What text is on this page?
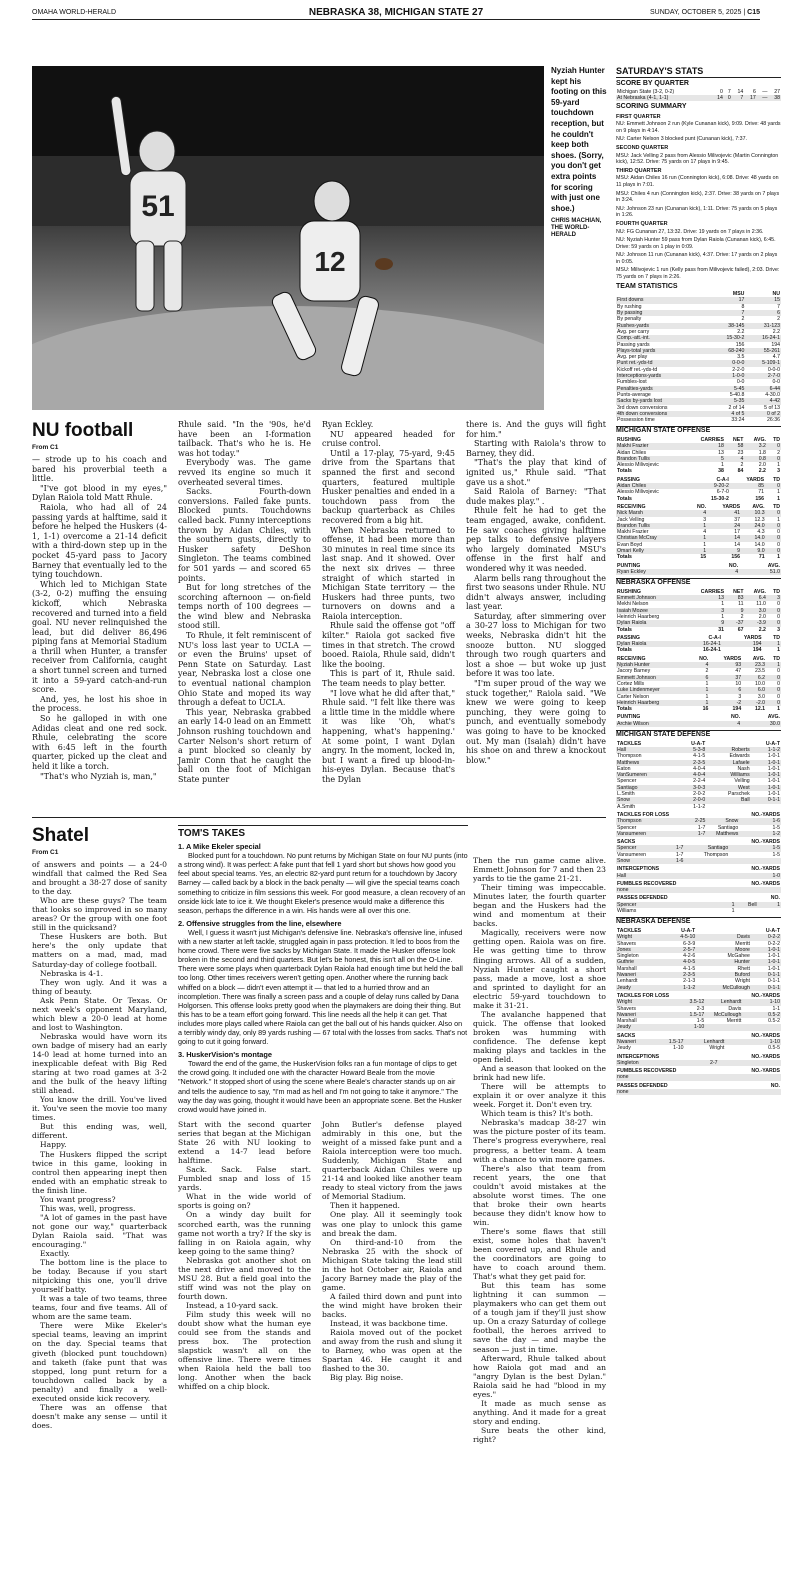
OMAHA WORLD-HERALD	NEBRASKA 38, MICHIGAN STATE 27	SUNDAY, OCTOBER 5, 2025 | C15
51
12
Nyziah Hunter kept his footing on this 59-yard touchdown reception, but he couldn't keep both shoes. (Sorry, you don't get extra points for scoring with just one shoe.)
CHRIS MACHIAN, THE WORLD-HERALD
NU football
From C1

— strode up to his coach and bared his proverbial teeth a little.

"I've got blood in my eyes," Dylan Raiola told Matt Rhule.

Raiola, who had all of 24 passing yards at halftime, said it before he helped the Huskers (4-1, 1-1) overcome a 21-14 deficit with a third-down step up in the pocket 45-yard pass to Jacory Barney that eventually led to the tying touchdown.

Which led to Michigan State (3-2, 0-2) muffing the ensuing kickoff, which Nebraska recovered and turned into a field goal. NU never relinquished the lead, but did deliver 86,496 piping fans at Memorial Stadium a thrill when Hunter, a transfer receiver from California, caught a short tunnel screen and turned it into a 59-yard catch-and-run score.

And, yes, he lost his shoe in the process.

So he galloped in with one Adidas cleat and one red sock. Rhule, celebrating the score with 6:45 left in the fourth quarter, picked up the cleat and held it like a torch.

"That's who Nyziah is, man,"

Rhule said. "In the '90s, he'd have been an I-formation tailback. That's who he is. He was hot today."

Everybody was. The game revved its engine so much it overheated several times.

Sacks. Fourth-down conversions. Failed fake punts. Blocked punts. Touchdowns called back. Funny interceptions thrown by Aidan Chiles, with the southern gusts, directly to Husker safety DeShon Singleton. The teams combined for 501 yards — and scored 65 points.

But for long stretches of the scorching afternoon — on-field temps north of 100 degrees — the wind blew and Nebraska stood still.

To Rhule, it felt reminiscent of NU's loss last year to UCLA — or even the Bruins' upset of Penn State on Saturday. Last year, Nebraska lost a close one to eventual national champion Ohio State and moped its way through a defeat to UCLA.

This year, Nebraska grabbed an early 14-0 lead on an Emmett Johnson rushing touchdown and Carter Nelson's short return of a punt blocked so cleanly by Jamir Conn that he caught the ball on the foot of Michigan State punter

Ryan Eckley.

NU appeared headed for cruise control.

Until a 17-play, 75-yard, 9:45 drive from the Spartans that spanned the first and second quarters, featured multiple Husker penalties and ended in a touchdown pass from the backup quarterback as Chiles recovered from a big hit.

When Nebraska returned to offense, it had been more than 30 minutes in real time since its last snap. And it showed. Over the next six drives — three straight of which started in Michigan State territory — the Huskers had three punts, two turnovers on downs and a Raiola interception.

Rhule said the offense got "off kilter." Raiola got sacked five times in that stretch. The crowd booed. Raiola, Rhule said, didn't like the booing.

This is part of it, Rhule said. The team needs to play better.

"I love what he did after that," Rhule said. "I felt like there was a little time in the middle where it was like 'Oh, what's happening, what's happening.' At some point, I want Dylan angry. In the moment, locked in, but I want a fired up blood-in-his-eyes Dylan. Because that's the Dylan

there is. And the guys will fight for him."

Starting with Raiola's throw to Barney, they did.

"That's the play that kind of ignited us," Rhule said. "That gave us a shot."

Said Raiola of Barney: "That dude makes play." .

Rhule felt he had to get the team engaged, awake, confident. He saw coaches giving halftime pep talks to defensive players who largely dominated MSU's offense in the first half and wondered why it was needed.

Alarm bells rang throughout the first two seasons under Rhule. NU didn't always answer, including last year.

Saturday, after simmering over a 30-27 loss to Michigan for two weeks, Nebraska didn't hit the snooze button. NU slogged through two rough quarters and lost a shoe — but woke up just before it was too late.

"I'm super proud of the way we stuck together," Raiola said. "We knew we were going to keep punching, they were going to punch, and eventually somebody was going to have to be knocked out. My man (Isaiah) didn't have his shoe on and threw a knockout blow."

Shatel
From C1

of answers and points — a 24-0 windfall that calmed the Red Sea and brought a 38-27 dose of sanity to the day.

Who are these guys? The team that looks so improved in so many areas? Or the group with one foot still in the quicksand?

These Huskers are both. But here's the only update that matters on a mad, mad, mad Saturday-day of college football.

Nebraska is 4-1.

They won ugly. And it was a thing of beauty.

Ask Penn State. Or Texas. Or next week's opponent Maryland, which blew a 20-0 lead at home and lost to Washington.

Nebraska would have worn its own badge of misery had an early 14-0 lead at home turned into an inexplicable defeat with Big Red staring at two road games at 3-2 and the bulk of the heavy lifting still ahead.

You know the drill. You've lived it. You've seen the movie too many times.

But this ending was, well, different.

Happy.

The Huskers flipped the script twice in this game, looking in control then appearing inept then ended with an emphatic streak to the finish line.

You want progress?

This was, well, progress.

"A lot of games in the past have not gone our way," quarterback Dylan Raiola said. "That was encouraging."

Exactly.

The bottom line is the place to be today. Because if you start nitpicking this one, you'll drive yourself batty.

It was a tale of two teams, three teams, four and five teams. All of whom are the same team.

There were Mike Ekeler's special teams, leaving an imprint on the day. Special teams that giveth (blocked punt touchdown) and taketh (fake punt that was stopped, long punt return for a touchdown called back by a penalty) and finally a well-executed onside kick recovery.

There was an offense that doesn't make any sense — until it does.

TOM'S TAKES
1. A Mike Ekeler special

Blocked punt for a touchdown. No punt returns by Michigan State on four NU punts (into a strong wind). It was perfect: A fake punt that fell 1 yard short but shows how good you feel about special teams. Yes, an electric 82-yard punt return for a touchdown by Jacory Barney — called back by a block in the back penalty — will give the special teams coach something to criticize in film sessions this week. For good measure, a clean recovery of an onside kick late to ice it. We thought Ekeler's presence would make a difference this season, perhaps the difference in a win. His hands were all over this one.

2. Offensive struggles from the line, elsewhere

Well, I guess it wasn't just Michigan's defensive line. Nebraska's offensive line, infused with a new starter at left tackle, struggled again in pass protection. It led to boos from the home crowd. There were five sacks by Michigan State. It made the Husker offense look broken in the second and third quarters. But let's be honest, this isn't all on the O-Line. There were some plays when quarterback Dylan Raiola had enough time but held the ball too long. Other times receivers weren't getting open. Another where the running back whiffed on a block — didn't even attempt it — that led to a hurried throw and an incompletion. There was finally a screen pass and a couple of delay runs called by Dana Holgorsen. This offense looks pretty good when the playmakers are doing their thing. But this has to be a team effort going forward. This line needs all the help it can get. That includes more plays called where Raiola can get the ball out of his hands quicker. Also on a terribly windy day, only 89 yards rushing — 67 total with the losses from sacks. That's not going to cut it going forward.

3. HuskerVision's montage

Toward the end of the game, the HuskerVision folks ran a fun montage of clips to get the crowd going. It included one with the character Howard Beale from the movie "Network." It stopped short of using the scene where Beale's character stands up on air and tells the audience to say, "I'm mad as hell and I'm not going to take it anymore." The way the day was going, thought it would have been an appropriate scene. Bet the Husker crowd would have joined in.

Start with the second quarter series that began at the Michigan State 26 with NU looking to extend a 14-7 lead before halftime.

Sack. Sack. False start. Fumbled snap and loss of 15 yards.

What in the wide world of sports is going on?

On a windy day built for scorched earth, was the running game not worth a try? If the sky is falling in on Raiola again, why keep going to the same thing?

Nebraska got another shot on the next drive and moved to the MSU 28. But a field goal into the stiff wind was not the play on fourth down.

Instead, a 10-yard sack.

Film study this week will no doubt show what the human eye could see from the stands and press box. The protection slapstick wasn't all on the offensive line. There were times when Raiola held the ball too long. Another when the back whiffed on a chip block.

John Butler's defense played admirably in this one, but the weight of a missed fake punt and a Raiola interception were too much. Suddenly, Michigan State and quarterback Aidan Chiles were up 21-14 and looked like another team ready to steal victory from the jaws of Memorial Stadium.

Then it happened.

One play. All it seemingly took was one play to unlock this game and break the dam.

On third-and-10 from the Nebraska 25 with the shock of Michigan State taking the lead still in the hot October air, Raiola and Jacory Barney made the play of the game.

A failed third down and punt into the wind might have broken their backs.

Instead, it was backbone time.

Raiola moved out of the pocket and away from the rush and slung it to Barney, who was open at the Spartan 46. He caught it and flashed to the 30.

Big play. Big noise.

Then the run game came alive. Emmett Johnson for 7 and then 23 yards to tie the game 21-21.

Their timing was impeccable. Minutes later, the fourth quarter began and the Huskers had the wind and momentum at their backs.

Magically, receivers were now getting open. Raiola was on fire. He was getting time to throw flinging arrows. All of a sudden, Nyziah Hunter caught a short pass, made a move, lost a shoe and sprinted to daylight for an electric 59-yard touchdown to make it 31-21.

The avalanche happened that quick. The offense that looked broken was humming with confidence. The defense kept making plays and tackles in the open field.

And a season that looked on the brink had new life.

There will be attempts to explain it or over analyze it this week. Forget it. Don't even try.

Which team is this? It's both.

Nebraska's madcap 38-27 win was the picture poster of its team. There's progress everywhere, real progress, a better team. A team with a chance to win more games.

There's also that team from recent years, the one that couldn't avoid mistakes at the absolute worst times. The one that broke their own hearts because they didn't know how to win.

There's some flaws that still exist, some holes that haven't been covered up, and Rhule and the coordinators are going to have to coach around them. That's what they get paid for.

But this team has some lightning it can summon — playmakers who can get them out of a tough jam if they'll just show up. On a crazy Saturday of college football, the heroes arrived to save the day — and maybe the season — just in time.

Afterward, Rhule talked about how Raiola got mad and an "angry Dylan is the best Dylan." Raiola said he had "blood in my eyes."

It made as much sense as anything. And it made for a great story and ending.

Sure beats the other kind, right?

SATURDAY'S STATS
SCORE BY QUARTER
Michigan State (3-2, 0-2)	0	7	14	6	—	27
At Nebraska (4-1, 1-1)	14	0	7	17	—	38
SCORING SUMMARY
FIRST QUARTER
NU: Emmett Johnson 2 run (Kyle Cunanan kick), 9:09. Drive: 48 yards on 9 plays in 4:14.
NU: Carter Nelson 3 blocked punt (Cunanan kick), 7:37.
SECOND QUARTER
MSU: Jack Velling 2 pass from Alessio Milivojevic (Martin Connington kick), 12:52. Drive: 75 yards on 17 plays in 9:45.
THIRD QUARTER
MSU: Aidan Chiles 16 run (Connington kick), 6:08. Drive: 48 yards on 11 plays in 7:01.
MSU: Chiles 4 run (Connington kick), 2:37. Drive: 38 yards on 7 plays in 3:24.
NU: Johnson 23 run (Cunanan kick), 1:11. Drive: 75 yards on 5 plays in 1:26.
FOURTH QUARTER
NU: FG Cunanan 27, 13:32. Drive: 19 yards on 7 plays in 2:36.
NU: Nyziah Hunter 59 pass from Dylan Raiola (Cunanan kick), 6:45. Drive: 59 yards on 1 play in 0:09.
NU: Johnson 11 run (Cunanan kick), 4:37. Drive: 17 yards on 2 plays in 0:05.
MSU: Milivojevic 1 run (Kelly pass from Milivojevic failed), 2:03. Drive: 75 yards on 7 plays in 2:26.
TEAM STATISTICS
	MSU	NU
First downs	17	15
By rushing	8	7
By passing	7	6
By penalty	2	2
Rushes-yards	38-145	31-123
Avg. per carry	2.2	2.2
Comp.-att.-int.	15-30-2	16-24-1
Passing yards	156	194
Plays-total yards	68-240	55-261
Avg. per play	3.5	4.7
Punt ret.-yds-td	0-0-0	5-109-1
Kickoff ret.-yds-td	2-2-0	0-0-0
Interceptions-yards	1-0-0	2-7-0
Fumbles-lost	0-0	0-0
Penalties-yards	5-45	6-44
Punts-average	5-40.8	4-30.0
Sacks by-yards lost	5-35	4-42
3rd down conversions	2 of 14	5 of 13
4th down conversions	4 of 5	0 of 2
Possession time	33:24	26:36
MICHIGAN STATE OFFENSE
RUSHING	CARRIES	NET	AVG.	TD
Makhi Frazier	18	58	3.2	0
Aidan Chiles	13	23	1.8	2
Brandon Tullis	5	4	0.8	0
Alessio Milivojevic	1	2	2.0	1
Totals	38	84	2.2	3
PASSING	C-A-I	YARDS	TD
Aidan Chiles	9-20-2	85	0
Alessio Milivojevic	6-7-0	71	1
Totals	15-30-2	156	1
RECEIVING	NO.	YARDS	AVG.	TD
Nick Marsh	4	41	10.3	0
Jack Velling	3	37	12.3	1
Brandon Tullis	1	24	24.0	0
Makhi Frazier	4	17	4.3	0
Christian McCray	1	14	14.0	0
Evan Boyd	1	14	14.0	0
Omari Kelly	1	9	9.0	0
Totals	15	156	71	1
PUNTING	NO.	AVG.
Ryan Eckley	4	51.0
NEBRASKA OFFENSE
RUSHING	CARRIES	NET	AVG.	TD
Emmett Johnson	13	83	6.4	3
Mekhi Nelson	1	11	11.0	0
Isaiah Mozee	3	9	3.0	0
Heinrich Haarberg	1	2	2.0	0
Dylan Raiola	9	-37	-3.9	0
Totals	31	67	2.2	3
PASSING	C-A-I	YARDS	TD
Dylan Raiola	16-24-1	194	1
Totals	16-24-1	194	1
RECEIVING	NO.	YARDS	AVG.	TD
Nyziah Hunter	4	93	23.3	1
Jacory Barney	2	47	23.5	0
Emmett Johnson	6	37	6.2	0
Cortez Mills	1	10	10.0	0
Luke Lindenmeyer	1	6	6.0	0
Carter Nelson	1	3	3.0	0
Heinrich Haarberg	1	-2	-2.0	0
Totals	16	194	12.1	1
PUNTING	NO.	AVG.
Archie Wilson	4	30.0
MICHIGAN STATE DEFENSE
TACKLES	U-A-T		U-A-T
Hall	5-3-8	Roberts	1-1-2
Thompson	4-1-5	Edwards	1-0-1
Matthews	2-3-5	Lafaele	1-0-1
Eaton	4-0-4	Nash	1-0-1
VanSumeren	4-0-4	Williams	1-0-1
Spencer	2-2-4	Velling	1-0-1
Santiago	3-0-3	West	1-0-1
L.Smith	2-0-2	Parschek	1-0-1
Snow	2-0-0	Ball	0-1-1
A.Smith	1-1-2		
TACKLES FOR LOSS			NO.-YARDS
Thompson	2-25	Snow	1-6
Spencer	1-7	Santiago	1-5
Vansumeren	1-7	Matthews	1-2
SACKS			NO.-YARDS
Spencer	1-7	Santiago	1-5
Vansumeren	1-7	Thompson	1-5
Snow	1-6		
INTERCEPTIONS			NO.-YARDS
Hall			1-0
FUMBLES RECOVERED			NO.-YARDS
none			
PASSES DEFENDED			NO.
Spencer	1	Bell	1
Williams	1		
NEBRASKA DEFENSE
TACKLES	U-A-T		U-A-T
Wright	4-5-10	Davis	0-2-2
Shavers	6-3-9	Merritt	0-2-2
Jones	2-5-7	Moore	1-0-1
Singleton	4-2-6	McGahee	1-0-1
Guthrie	4-0-5	Hunter	1-0-1
Marshall	4-1-5	Rhett	1-0-1
Nwaneri	2-3-5	Buford	0-1-1
Lenhardt	2-1-3	Wright	0-1-1
Jeudy	1-1-2	McCullough	0-1-1
TACKLES FOR LOSS			NO.-YARDS
Wright	3.5-12	Lenhardt	1-10
Shavers	2-3	Davis	1-1
Nwaneri	1.5-17	McCullough	0.5-2
Marshall	1-5	Merritt	0.5-2
Jeudy	1-10		
SACKS			NO.-YARDS
Nwaneri	1.5-17	Lenhardt	1-10
Jeudy	1-10	Wright	0.5-5
INTERCEPTIONS			NO.-YARDS
Singleton	2-7		
FUMBLES RECOVERED			NO.-YARDS
none			
PASSES DEFENDED			NO.
none			
